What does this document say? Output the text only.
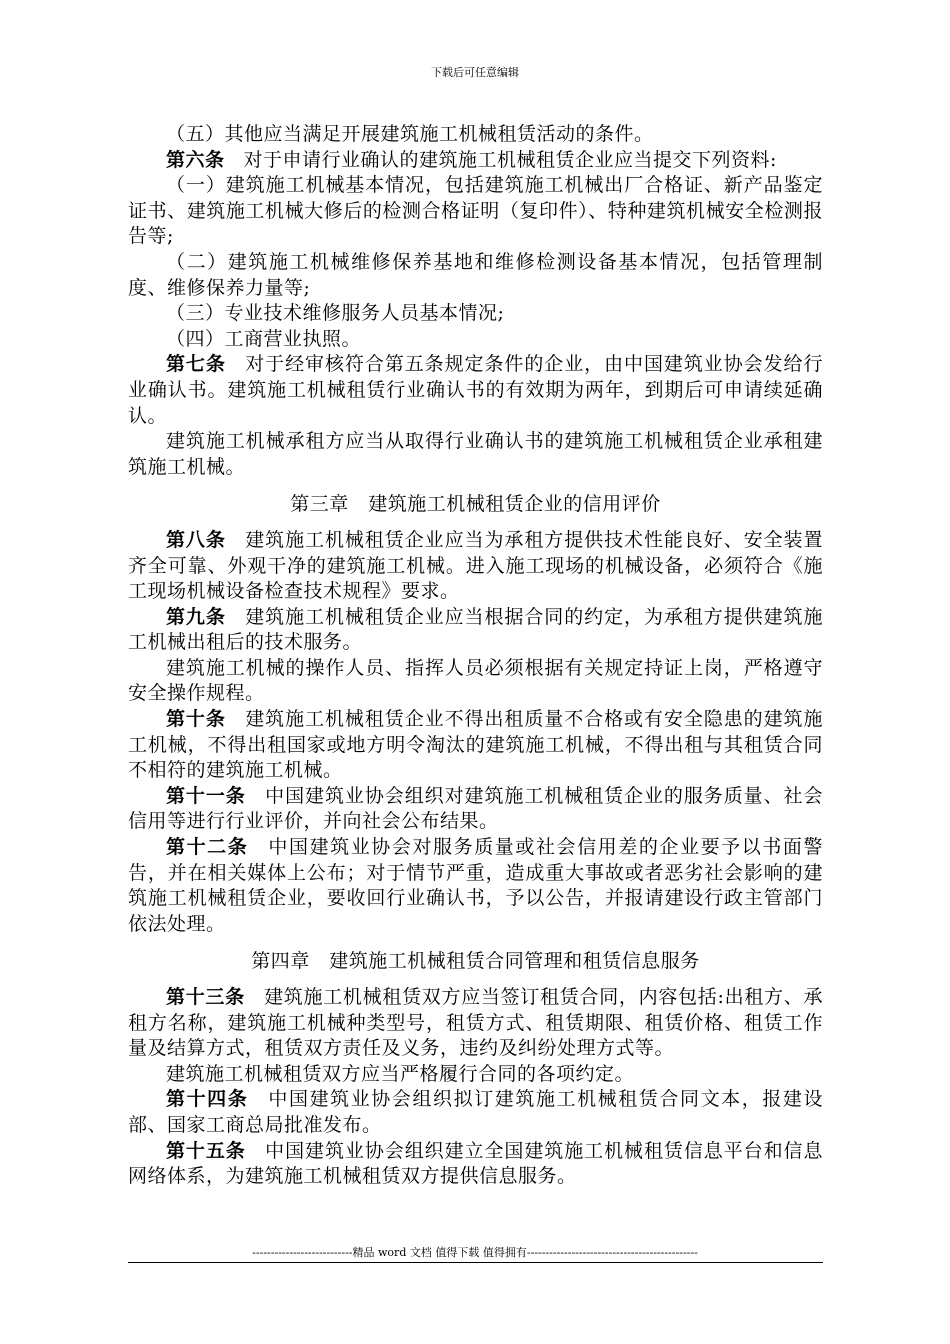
下载后可任意编辑

（五）其他应当满足开展建筑施工机械租赁活动的条件。

第六条 对于申请行业确认的建筑施工机械租赁企业应当提交下列资料:

（一）建筑施工机械基本情况，包括建筑施工机械出厂合格证、新产品鉴定证书、建筑施工机械大修后的检测合格证明（复印件）、特种建筑机械安全检测报告等;

（二）建筑施工机械维修保养基地和维修检测设备基本情况，包括管理制度、维修保养力量等;

（三）专业技术维修服务人员基本情况;

（四）工商营业执照。

第七条 对于经审核符合第五条规定条件的企业，由中国建筑业协会发给行业确认书。建筑施工机械租赁行业确认书的有效期为两年，到期后可申请续延确认。

建筑施工机械承租方应当从取得行业确认书的建筑施工机械租赁企业承租建筑施工机械。

第三章　建筑施工机械租赁企业的信用评价

第八条 建筑施工机械租赁企业应当为承租方提供技术性能良好、安全装置齐全可靠、外观干净的建筑施工机械。进入施工现场的机械设备，必须符合《施工现场机械设备检查技术规程》要求。

第九条 建筑施工机械租赁企业应当根据合同的约定，为承租方提供建筑施工机械出租后的技术服务。

建筑施工机械的操作人员、指挥人员必须根据有关规定持证上岗，严格遵守安全操作规程。

第十条 建筑施工机械租赁企业不得出租质量不合格或有安全隐患的建筑施工机械，不得出租国家或地方明令淘汰的建筑施工机械，不得出租与其租赁合同不相符的建筑施工机械。

第十一条 中国建筑业协会组织对建筑施工机械租赁企业的服务质量、社会信用等进行行业评价，并向社会公布结果。

第十二条 中国建筑业协会对服务质量或社会信用差的企业要予以书面警告，并在相关媒体上公布；对于情节严重，造成重大事故或者恶劣社会影响的建筑施工机械租赁企业，要收回行业确认书，予以公告，并报请建设行政主管部门依法处理。

第四章　建筑施工机械租赁合同管理和租赁信息服务

第十三条 建筑施工机械租赁双方应当签订租赁合同，内容包括:出租方、承租方名称，建筑施工机械种类型号，租赁方式、租赁期限、租赁价格、租赁工作量及结算方式，租赁双方责任及义务，违约及纠纷处理方式等。

建筑施工机械租赁双方应当严格履行合同的各项约定。

第十四条 中国建筑业协会组织拟订建筑施工机械租赁合同文本，报建设部、国家工商总局批准发布。

第十五条 中国建筑业协会组织建立全国建筑施工机械租赁信息平台和信息网络体系，为建筑施工机械租赁双方提供信息服务。

---------------------------精品 word 文档 值得下载 值得拥有----------------------------------------------
